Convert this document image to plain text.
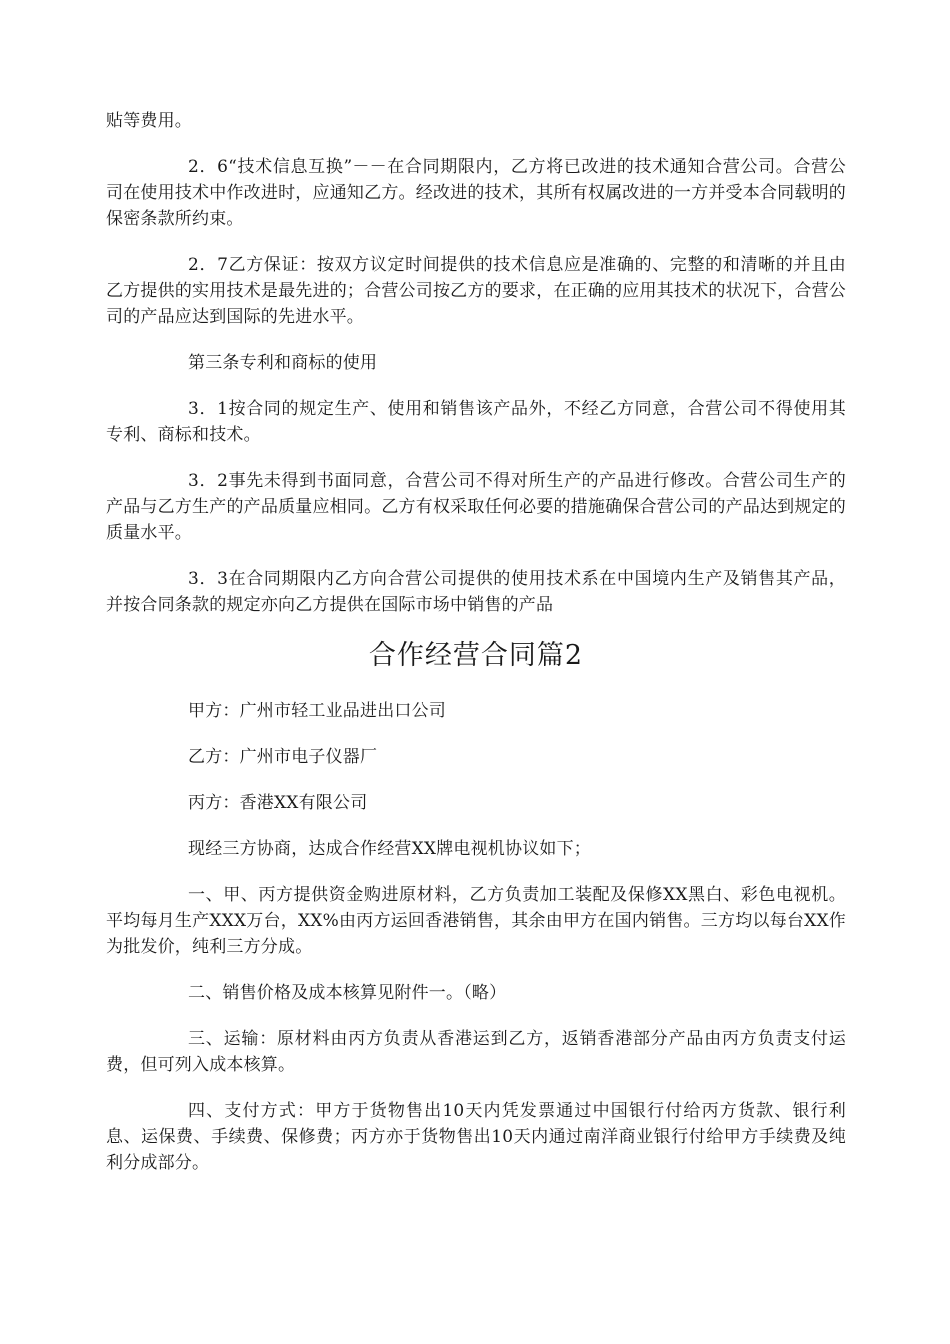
贴等费用。

2．6“技术信息互换”－－在合同期限内，乙方将已改进的技术通知合营公司。合营公司在使用技术中作改进时，应通知乙方。经改进的技术，其所有权属改进的一方并受本合同载明的保密条款所约束。

2．7乙方保证：按双方议定时间提供的技术信息应是准确的、完整的和清晰的并且由乙方提供的实用技术是最先进的；合营公司按乙方的要求，在正确的应用其技术的状况下，合营公司的产品应达到国际的先进水平。

第三条专利和商标的使用

3．1按合同的规定生产、使用和销售该产品外，不经乙方同意，合营公司不得使用其专利、商标和技术。

3．2事先未得到书面同意，合营公司不得对所生产的产品进行修改。合营公司生产的产品与乙方生产的产品质量应相同。乙方有权采取任何必要的措施确保合营公司的产品达到规定的质量水平。

3．3在合同期限内乙方向合营公司提供的使用技术系在中国境内生产及销售其产品，并按合同条款的规定亦向乙方提供在国际市场中销售的产品

合作经营合同篇2

甲方：广州市轻工业品进出口公司

乙方：广州市电子仪器厂

丙方：香港XX有限公司

现经三方协商，达成合作经营XX牌电视机协议如下；

一、甲、丙方提供资金购进原材料，乙方负责加工装配及保修XX黑白、彩色电视机。平均每月生产XXX万台，XX%由丙方运回香港销售，其余由甲方在国内销售。三方均以每台XX作为批发价，纯利三方分成。

二、销售价格及成本核算见附件一。（略）

三、运输：原材料由丙方负责从香港运到乙方，返销香港部分产品由丙方负责支付运费，但可列入成本核算。

四、支付方式：甲方于货物售出10天内凭发票通过中国银行付给丙方货款、银行利息、运保费、手续费、保修费；丙方亦于货物售出10天内通过南洋商业银行付给甲方手续费及纯利分成部分。
